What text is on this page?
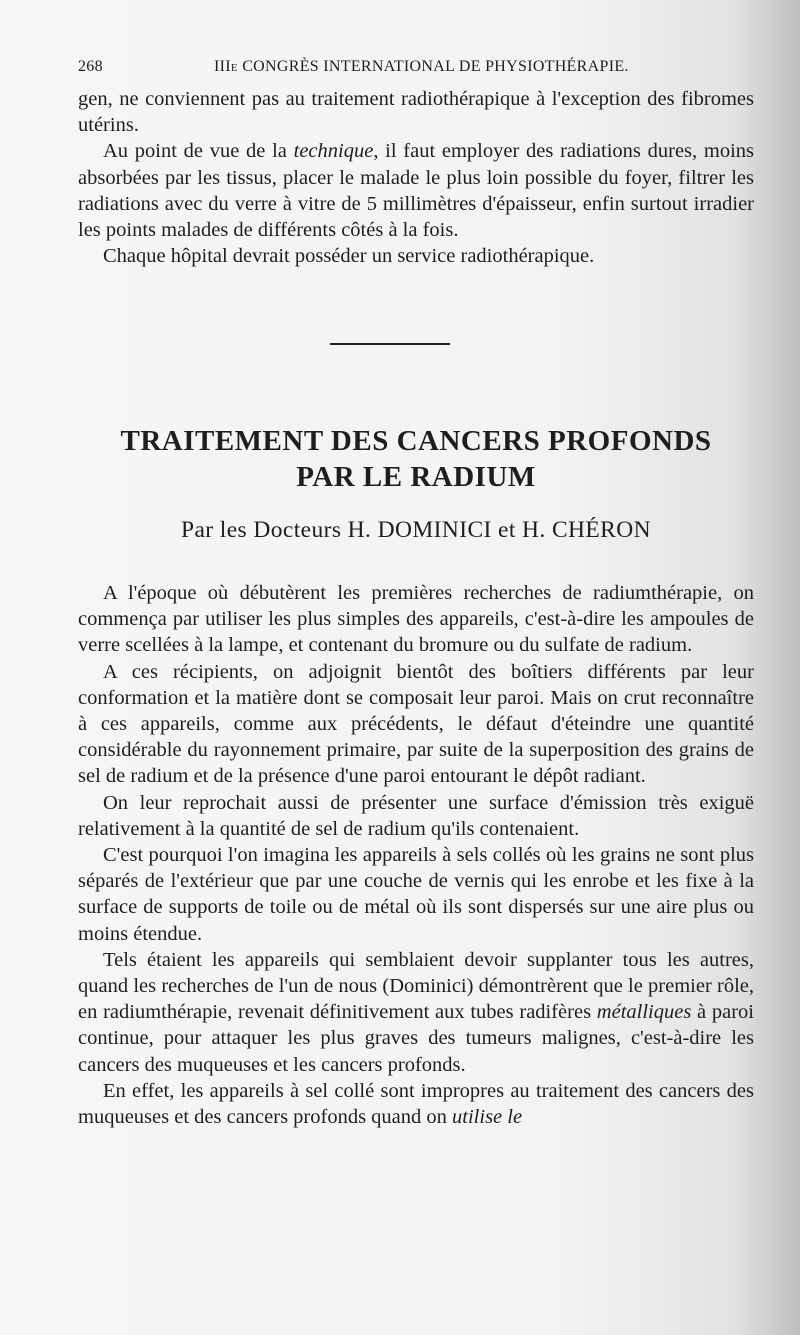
268	IIIe CONGRÈS INTERNATIONAL DE PHYSIOTHÉRAPIE.

gen, ne conviennent pas au traitement radiothérapique à l'exception des fibromes utérins.

Au point de vue de la technique, il faut employer des radiations dures, moins absorbées par les tissus, placer le malade le plus loin possible du foyer, filtrer les radiations avec du verre à vitre de 5 millimètres d'épaisseur, enfin surtout irradier les points malades de différents côtés à la fois.

Chaque hôpital devrait posséder un service radiothérapique.

TRAITEMENT DES CANCERS PROFONDS
PAR LE RADIUM
Par les Docteurs H. DOMINICI et H. CHÉRON

A l'époque où débutèrent les premières recherches de radiumthérapie, on commença par utiliser les plus simples des appareils, c'est-à-dire les ampoules de verre scellées à la lampe, et contenant du bromure ou du sulfate de radium.

A ces récipients, on adjoignit bientôt des boîtiers différents par leur conformation et la matière dont se composait leur paroi. Mais on crut reconnaître à ces appareils, comme aux précédents, le défaut d'éteindre une quantité considérable du rayonnement primaire, par suite de la superposition des grains de sel de radium et de la présence d'une paroi entourant le dépôt radiant.

On leur reprochait aussi de présenter une surface d'émission très exiguë relativement à la quantité de sel de radium qu'ils contenaient.

C'est pourquoi l'on imagina les appareils à sels collés où les grains ne sont plus séparés de l'extérieur que par une couche de vernis qui les enrobe et les fixe à la surface de supports de toile ou de métal où ils sont dispersés sur une aire plus ou moins étendue.

Tels étaient les appareils qui semblaient devoir supplanter tous les autres, quand les recherches de l'un de nous (Dominici) démontrèrent que le premier rôle, en radiumthérapie, revenait définitivement aux tubes radifères métalliques à paroi continue, pour attaquer les plus graves des tumeurs malignes, c'est-à-dire les cancers des muqueuses et les cancers profonds.

En effet, les appareils à sel collé sont impropres au traitement des cancers des muqueuses et des cancers profonds quand on utilise le
